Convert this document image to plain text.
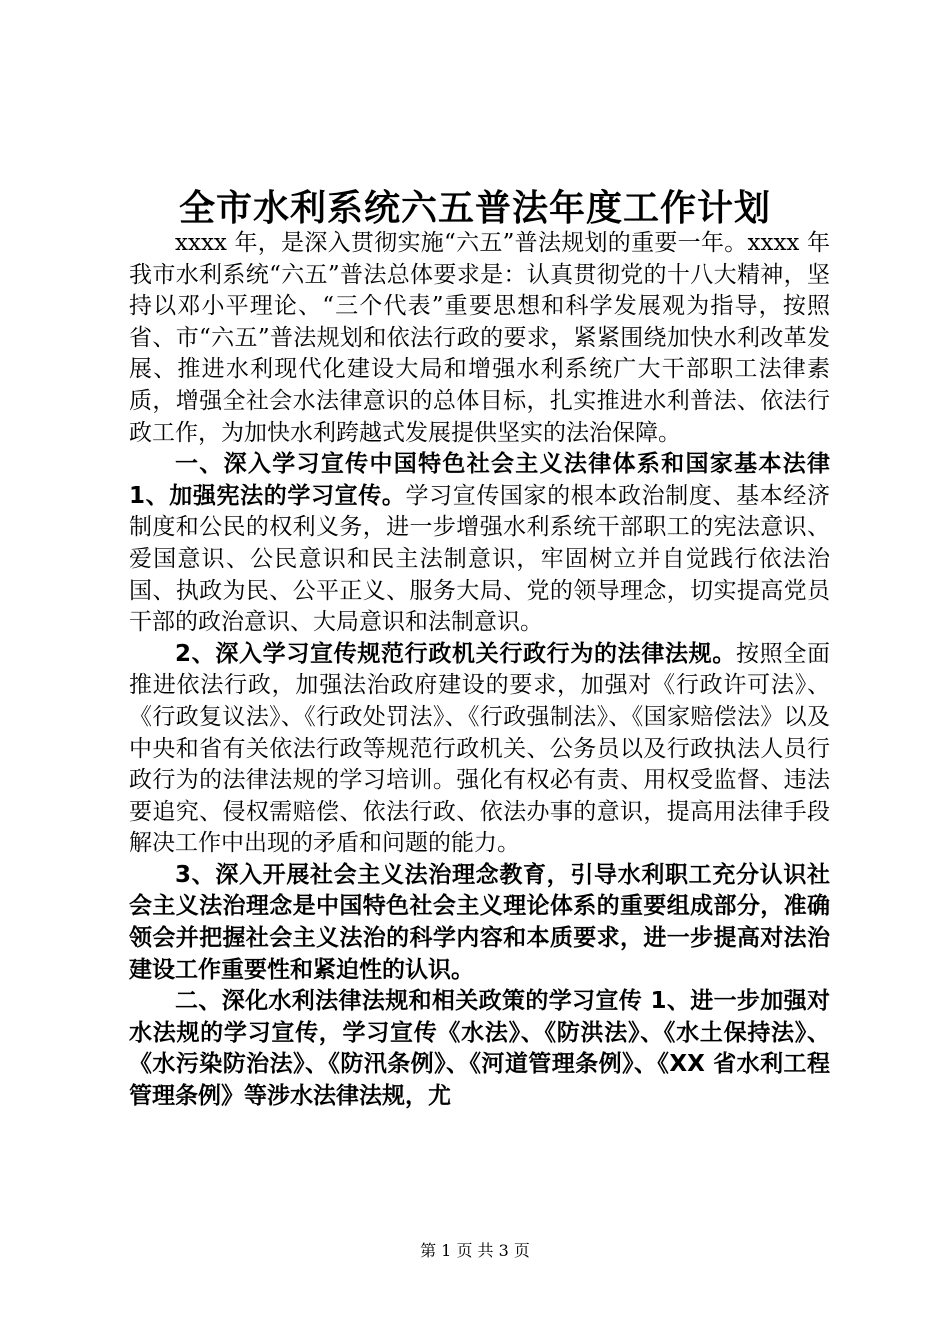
全市水利系统六五普法年度工作计划

xxxx 年，是深入贯彻实施“六五”普法规划的重要一年。xxxx 年我市水利系统“六五”普法总体要求是：认真贯彻党的十八大精神，坚持以邓小平理论、“三个代表”重要思想和科学发展观为指导，按照省、市“六五”普法规划和依法行政的要求，紧紧围绕加快水利改革发展、推进水利现代化建设大局和增强水利系统广大干部职工法律素质，增强全社会水法律意识的总体目标，扎实推进水利普法、依法行政工作，为加快水利跨越式发展提供坚实的法治保障。

一、深入学习宣传中国特色社会主义法律体系和国家基本法律 1、加强宪法的学习宣传。学习宣传国家的根本政治制度、基本经济制度和公民的权利义务，进一步增强水利系统干部职工的宪法意识、爱国意识、公民意识和民主法制意识，牢固树立并自觉践行依法治国、执政为民、公平正义、服务大局、党的领导理念，切实提高党员干部的政治意识、大局意识和法制意识。

2、深入学习宣传规范行政机关行政行为的法律法规。按照全面推进依法行政，加强法治政府建设的要求，加强对《行政许可法》、《行政复议法》、《行政处罚法》、《行政强制法》、《国家赔偿法》以及中央和省有关依法行政等规范行政机关、公务员以及行政执法人员行政行为的法律法规的学习培训。强化有权必有责、用权受监督、违法要追究、侵权需赔偿、依法行政、依法办事的意识，提高用法律手段解决工作中出现的矛盾和问题的能力。

3、深入开展社会主义法治理念教育，引导水利职工充分认识社会主义法治理念是中国特色社会主义理论体系的重要组成部分，准确领会并把握社会主义法治的科学内容和本质要求，进一步提高对法治建设工作重要性和紧迫性的认识。

二、深化水利法律法规和相关政策的学习宣传 1、进一步加强对水法规的学习宣传，学习宣传《水法》、《防洪法》、《水土保持法》、《水污染防治法》、《防汛条例》、《河道管理条例》、《XX 省水利工程管理条例》等涉水法律法规，尤

第 1 页 共 3 页
